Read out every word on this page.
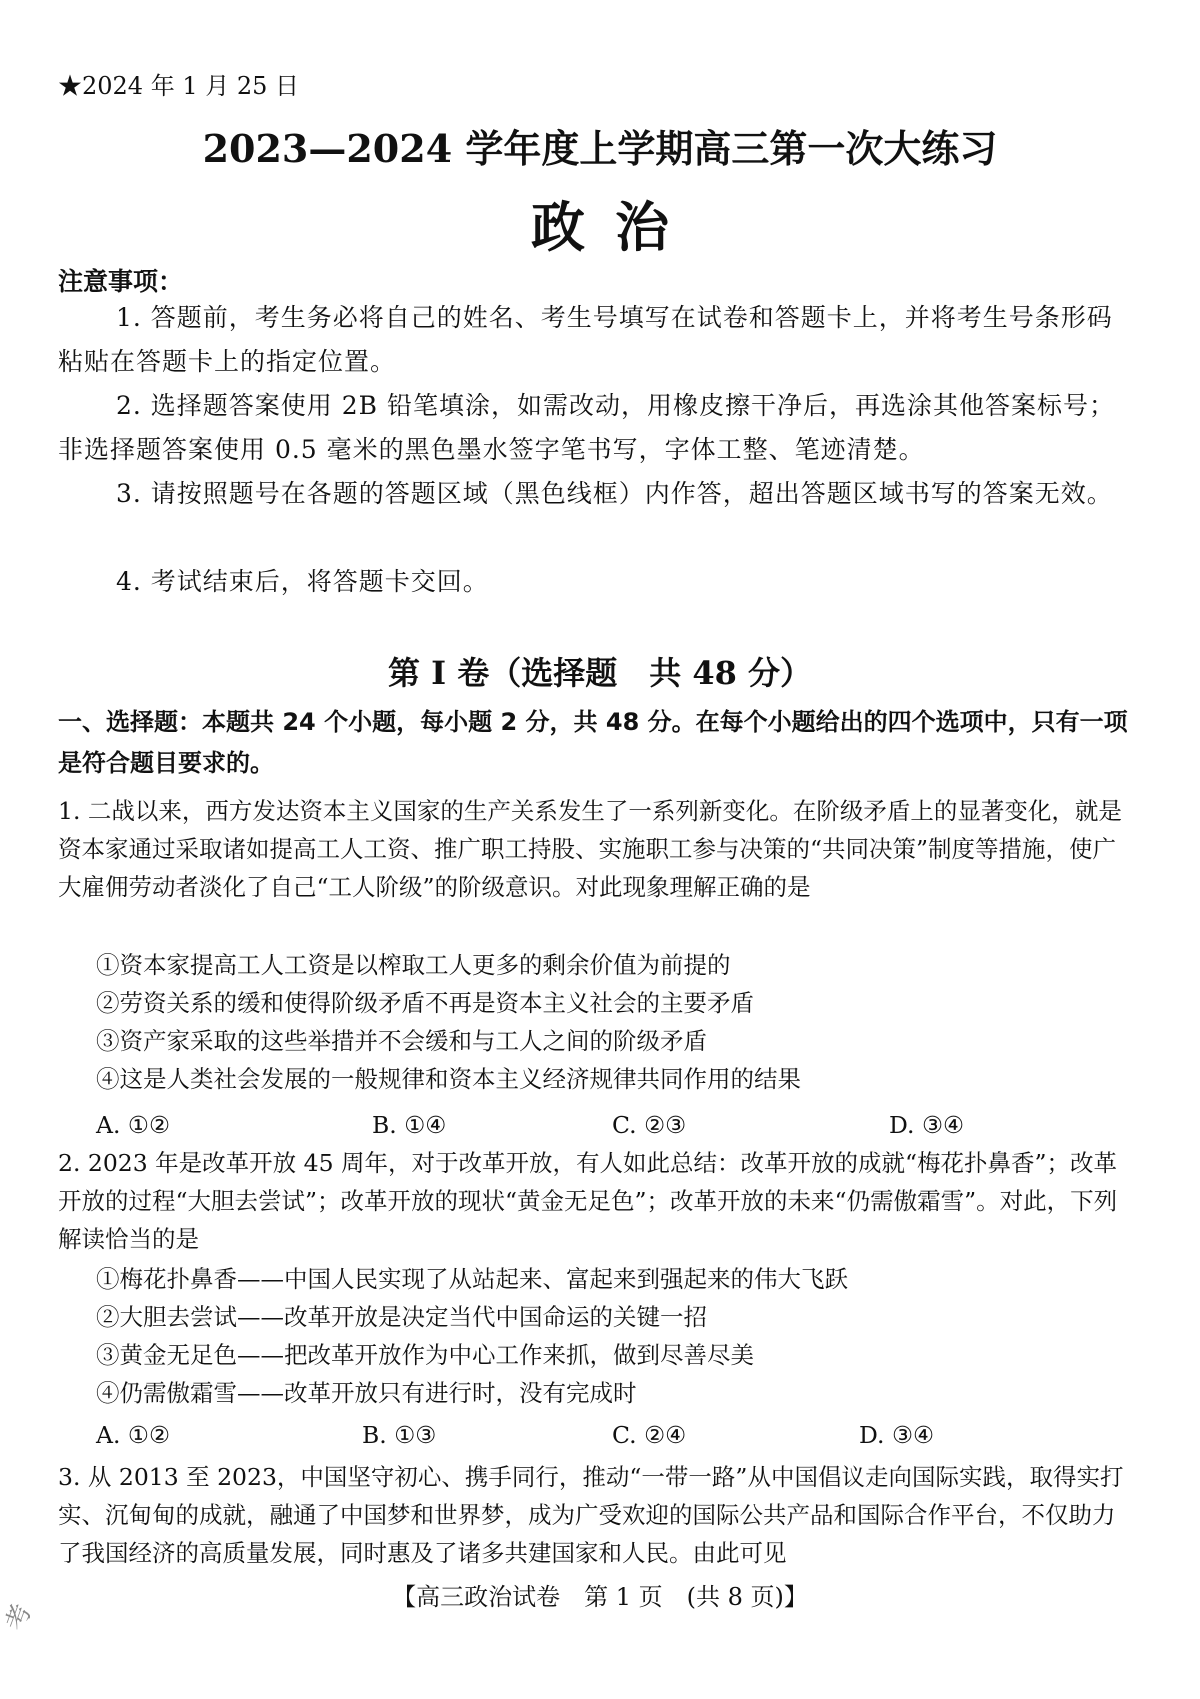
★2024 年 1 月 25 日
2023—2024 学年度上学期高三第一次大练习
政治
注意事项：
1. 答题前，考生务必将自己的姓名、考生号填写在试卷和答题卡上，并将考生号条形码粘贴在答题卡上的指定位置。
2. 选择题答案使用 2B 铅笔填涂，如需改动，用橡皮擦干净后，再选涂其他答案标号；非选择题答案使用 0.5 毫米的黑色墨水签字笔书写，字体工整、笔迹清楚。
3. 请按照题号在各题的答题区域（黑色线框）内作答，超出答题区域书写的答案无效。
4. 考试结束后，将答题卡交回。
第 I 卷（选择题　共 48 分）
一、选择题：本题共 24 个小题，每小题 2 分，共 48 分。在每个小题给出的四个选项中，只有一项是符合题目要求的。
1. 二战以来，西方发达资本主义国家的生产关系发生了一系列新变化。在阶级矛盾上的显著变化，就是资本家通过采取诸如提高工人工资、推广职工持股、实施职工参与决策的“共同决策”制度等措施，使广大雇佣劳动者淡化了自己“工人阶级”的阶级意识。对此现象理解正确的是
①资本家提高工人工资是以榨取工人更多的剩余价值为前提的
②劳资关系的缓和使得阶级矛盾不再是资本主义社会的主要矛盾
③资产家采取的这些举措并不会缓和与工人之间的阶级矛盾
④这是人类社会发展的一般规律和资本主义经济规律共同作用的结果
A. ①②	B. ①④	C. ②③	D. ③④
2. 2023 年是改革开放 45 周年，对于改革开放，有人如此总结：改革开放的成就“梅花扑鼻香”；改革开放的过程“大胆去尝试”；改革开放的现状“黄金无足色”；改革开放的未来“仍需傲霜雪”。对此，下列解读恰当的是
①梅花扑鼻香——中国人民实现了从站起来、富起来到强起来的伟大飞跃
②大胆去尝试——改革开放是决定当代中国命运的关键一招
③黄金无足色——把改革开放作为中心工作来抓，做到尽善尽美
④仍需傲霜雪——改革开放只有进行时，没有完成时
A. ①②	B. ①③	C. ②④	D. ③④
3. 从 2013 至 2023，中国坚守初心、携手同行，推动“一带一路”从中国倡议走向国际实践，取得实打实、沉甸甸的成就，融通了中国梦和世界梦，成为广受欢迎的国际公共产品和国际合作平台，不仅助力了我国经济的高质量发展，同时惠及了诸多共建国家和人民。由此可见
【高三政治试卷　第 1 页　(共 8 页)】
考
